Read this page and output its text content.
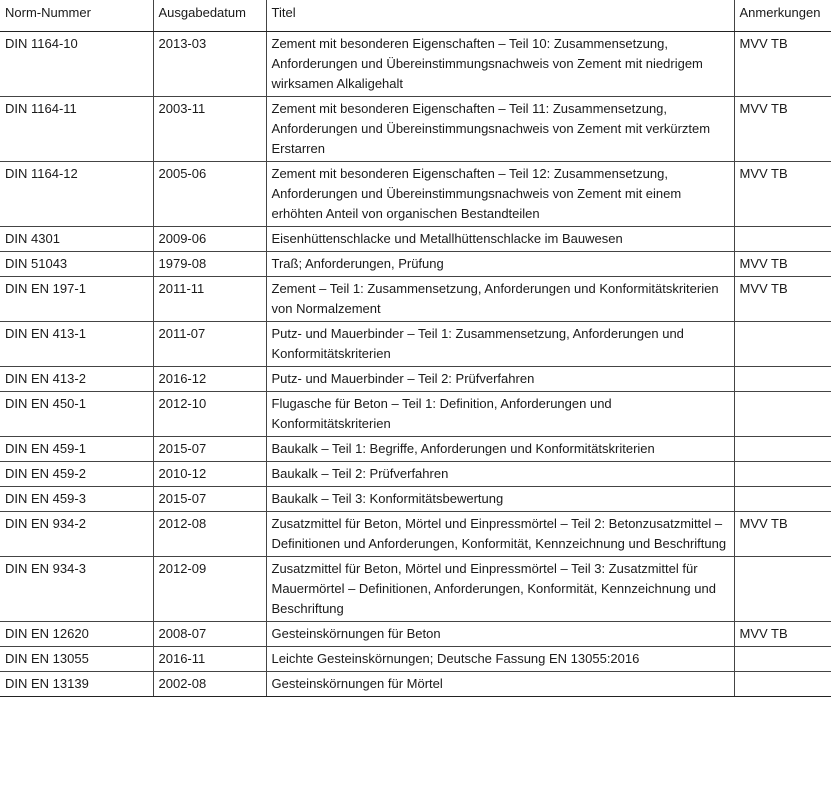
Norm-Nummer	Ausgabedatum	Titel	Anmerkungen
DIN 1164-10	2013-03	Zement mit besonderen Eigenschaften – Teil 10: Zusammensetzung, Anforderungen und Übereinstimmungsnachweis von Zement mit niedrigem wirksamen Alkaligehalt	MVV TB
DIN 1164-11	2003-11	Zement mit besonderen Eigenschaften – Teil 11: Zusammensetzung, Anforderungen und Übereinstimmungsnachweis von Zement mit verkürztem Erstarren	MVV TB
DIN 1164-12	2005-06	Zement mit besonderen Eigenschaften – Teil 12: Zusammensetzung, Anforderungen und Übereinstimmungsnachweis von Zement mit einem erhöhten Anteil von organischen Bestandteilen	MVV TB
DIN 4301	2009-06	Eisenhüttenschlacke und Metallhüttenschlacke im Bauwesen	
DIN 51043	1979-08	Traß; Anforderungen, Prüfung	MVV TB
DIN EN 197-1	2011-11	Zement – Teil 1: Zusammensetzung, Anforderungen und Konformitätskriterien von Normalzement	MVV TB
DIN EN 413-1	2011-07	Putz- und Mauerbinder – Teil 1: Zusammensetzung, Anforderungen und Konformitätskriterien	
DIN EN 413-2	2016-12	Putz- und Mauerbinder – Teil 2: Prüfverfahren	
DIN EN 450-1	2012-10	Flugasche für Beton – Teil 1: Definition, Anforderungen und Konformitätskriterien	
DIN EN 459-1	2015-07	Baukalk – Teil 1: Begriffe, Anforderungen und Konformitätskriterien	
DIN EN 459-2	2010-12	Baukalk – Teil 2: Prüfverfahren	
DIN EN 459-3	2015-07	Baukalk – Teil 3: Konformitätsbewertung	
DIN EN 934-2	2012-08	Zusatzmittel für Beton, Mörtel und Einpressmörtel – Teil 2: Betonzusatzmittel – Definitionen und Anforderungen, Konformität, Kennzeichnung und Beschriftung	MVV TB
DIN EN 934-3	2012-09	Zusatzmittel für Beton, Mörtel und Einpressmörtel – Teil 3: Zusatzmittel für Mauermörtel – Definitionen, Anforderungen, Konformität, Kennzeichnung und Beschriftung	
DIN EN 12620	2008-07	Gesteinskörnungen für Beton	MVV TB
DIN EN 13055	2016-11	Leichte Gesteinskörnungen; Deutsche Fassung EN 13055:2016	
DIN EN 13139	2002-08	Gesteinskörnungen für Mörtel	
